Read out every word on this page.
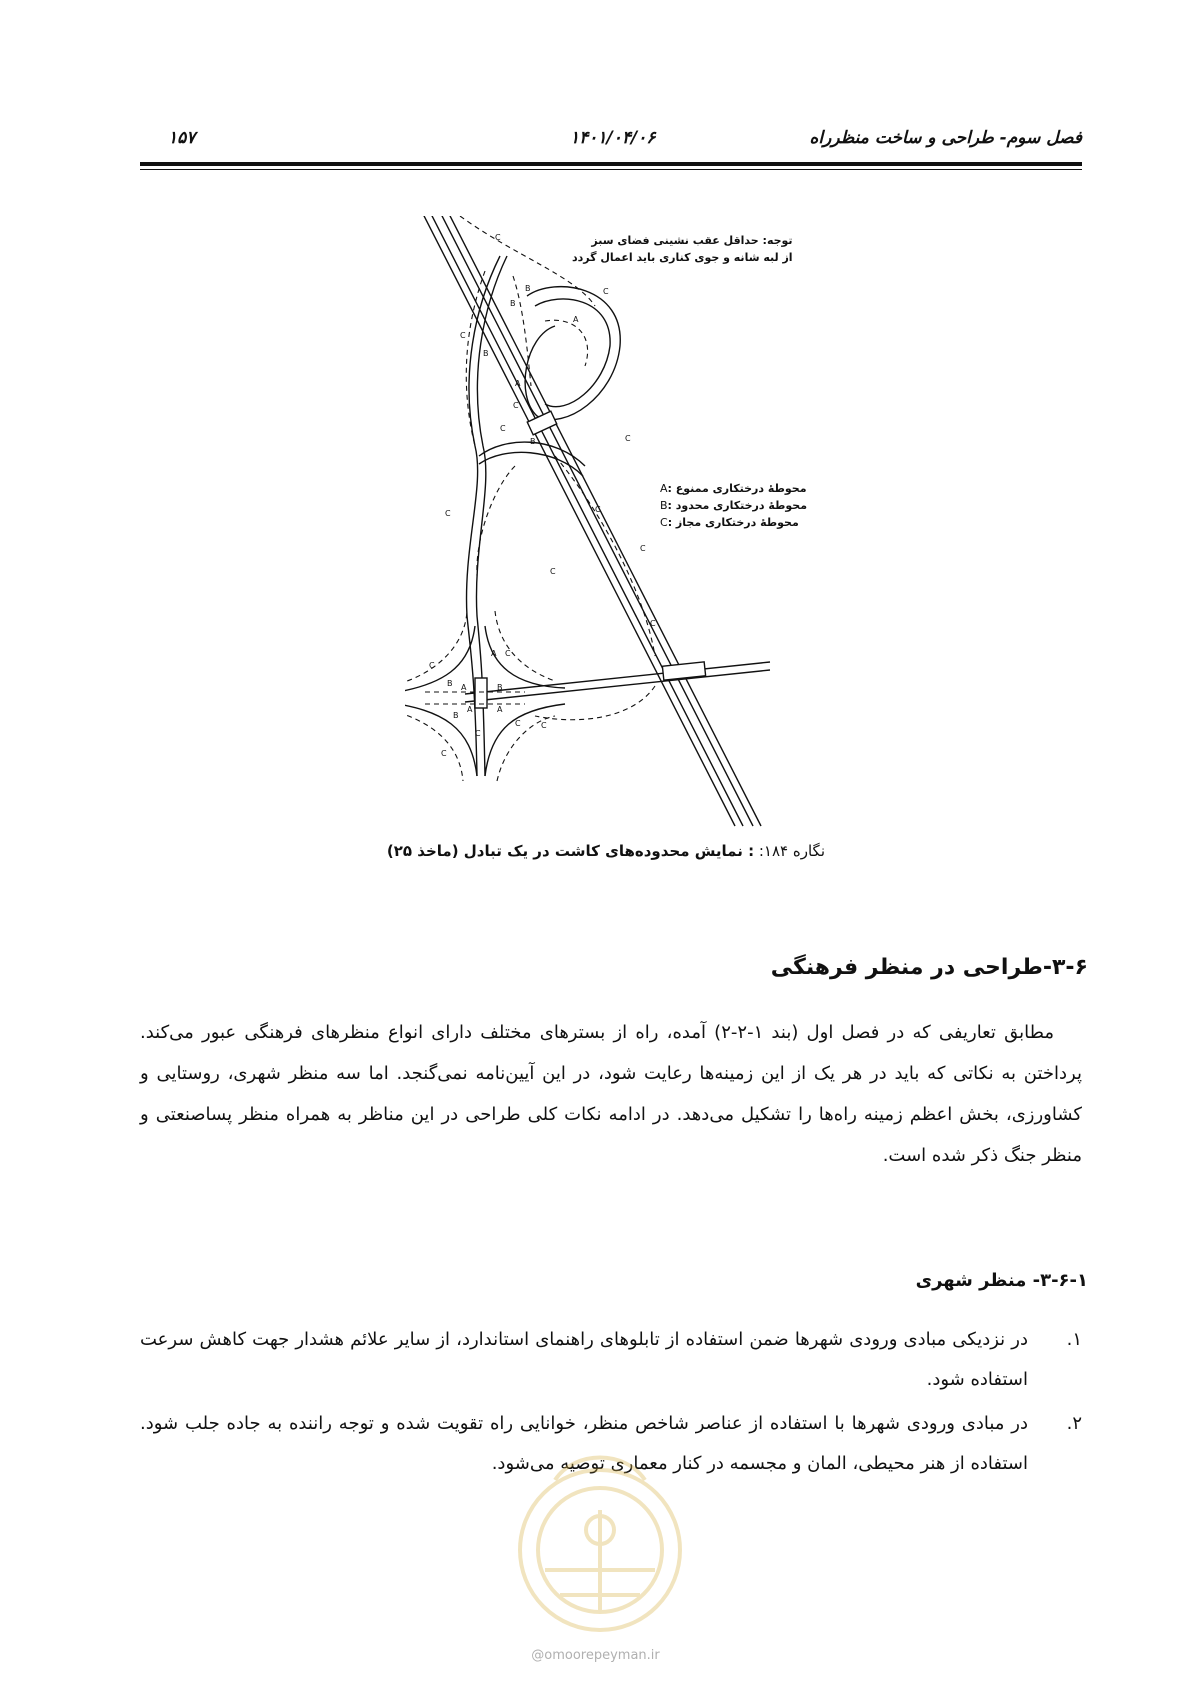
فصل سوم- طراحی و ساخت منظرراه
۱۴۰۱/۰۴/۰۶
۱۵۷
C
C
A
B
B
C
B
A
C
C
B	C
C
C
C
C
C
C
B A	B
A	A
B
C
C
C
C
C
A
توجه: حداقل عقب نشینی فضای سبز
از لبه شانه و جوی کناری باید اعمال گردد
A: محوطهٔ درختکاری ممنوع
B: محوطهٔ درختکاری محدود
C: محوطهٔ درختکاری مجاز
نگاره ۱۸۴: : نمایش محدوده‌های کاشت در یک تبادل (ماخذ ۲۵)
۳-۶-طراحی در منظر فرهنگی

مطابق تعاریفی که در فصل اول (بند ۱-۲-۲) آمده، راه از بسترهای مختلف دارای انواع منظرهای فرهنگی عبور می‌کند. پرداختن به نکاتی که باید در هر یک از این زمینه‌ها رعایت شود، در این آیین‌نامه نمی‌گنجد. اما سه منظر شهری، روستایی و کشاورزی، بخش اعظم زمینه راه‌ها را تشکیل می‌دهد. در ادامه نکات کلی طراحی در این مناظر به همراه منظر پساصنعتی و منظر جنگ ذکر شده است.

۳-۶-۱- منظر شهری
۱.
در نزدیکی مبادی ورودی شهرها ضمن استفاده از تابلوهای راهنمای استاندارد، از سایر علائم هشدار جهت کاهش سرعت استفاده شود.
۲.
در مبادی ورودی شهرها با استفاده از عناصر شاخص منظر، خوانایی راه تقویت شده و توجه راننده به جاده جلب شود. استفاده از هنر محیطی، المان و مجسمه در کنار معماری توصیه می‌شود.
@omoorepeyman.ir
